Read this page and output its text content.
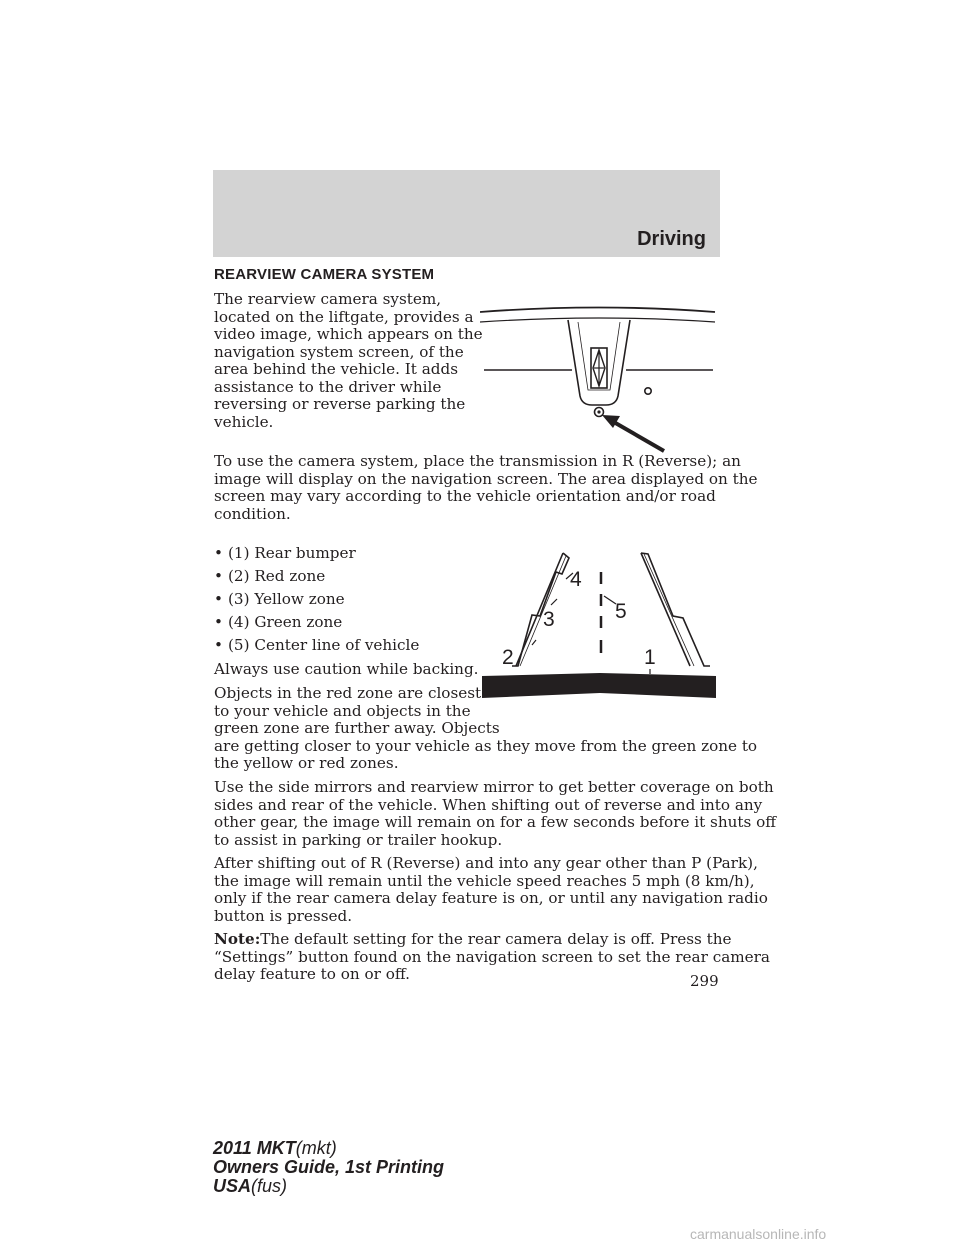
Driving
REARVIEW CAMERA SYSTEM

The rearview camera system,

located on the liftgate, provides a

video image, which appears on the

navigation system screen, of the

area behind the vehicle. It adds

assistance to the driver while

reversing or reverse parking the

vehicle.

To use the camera system, place the transmission in R (Reverse); an

image will display on the navigation screen. The area displayed on the

screen may vary according to the vehicle orientation and/or road

condition.

• (1) Rear bumper
• (2) Red zone
• (3) Yellow zone
• (4) Green zone
• (5) Center line of vehicle
1
2
3
4
5

Always use caution while backing.

Objects in the red zone are closest

to your vehicle and objects in the

green zone are further away. Objects

are getting closer to your vehicle as they move from the green zone to

the yellow or red zones.

Use the side mirrors and rearview mirror to get better coverage on both

sides and rear of the vehicle. When shifting out of reverse and into any

other gear, the image will remain on for a few seconds before it shuts off

to assist in parking or trailer hookup.

After shifting out of R (Reverse) and into any gear other than P (Park),

the image will remain until the vehicle speed reaches 5 mph (8 km/h),

only if the rear camera delay feature is on, or until any navigation radio

button is pressed.

Note:The default setting for the rear camera delay is off. Press the

“Settings” button found on the navigation screen to set the rear camera

delay feature to on or off.	299
2011 MKT(mkt)
Owners Guide, 1st Printing
USA(fus)
carmanualsonline.info
